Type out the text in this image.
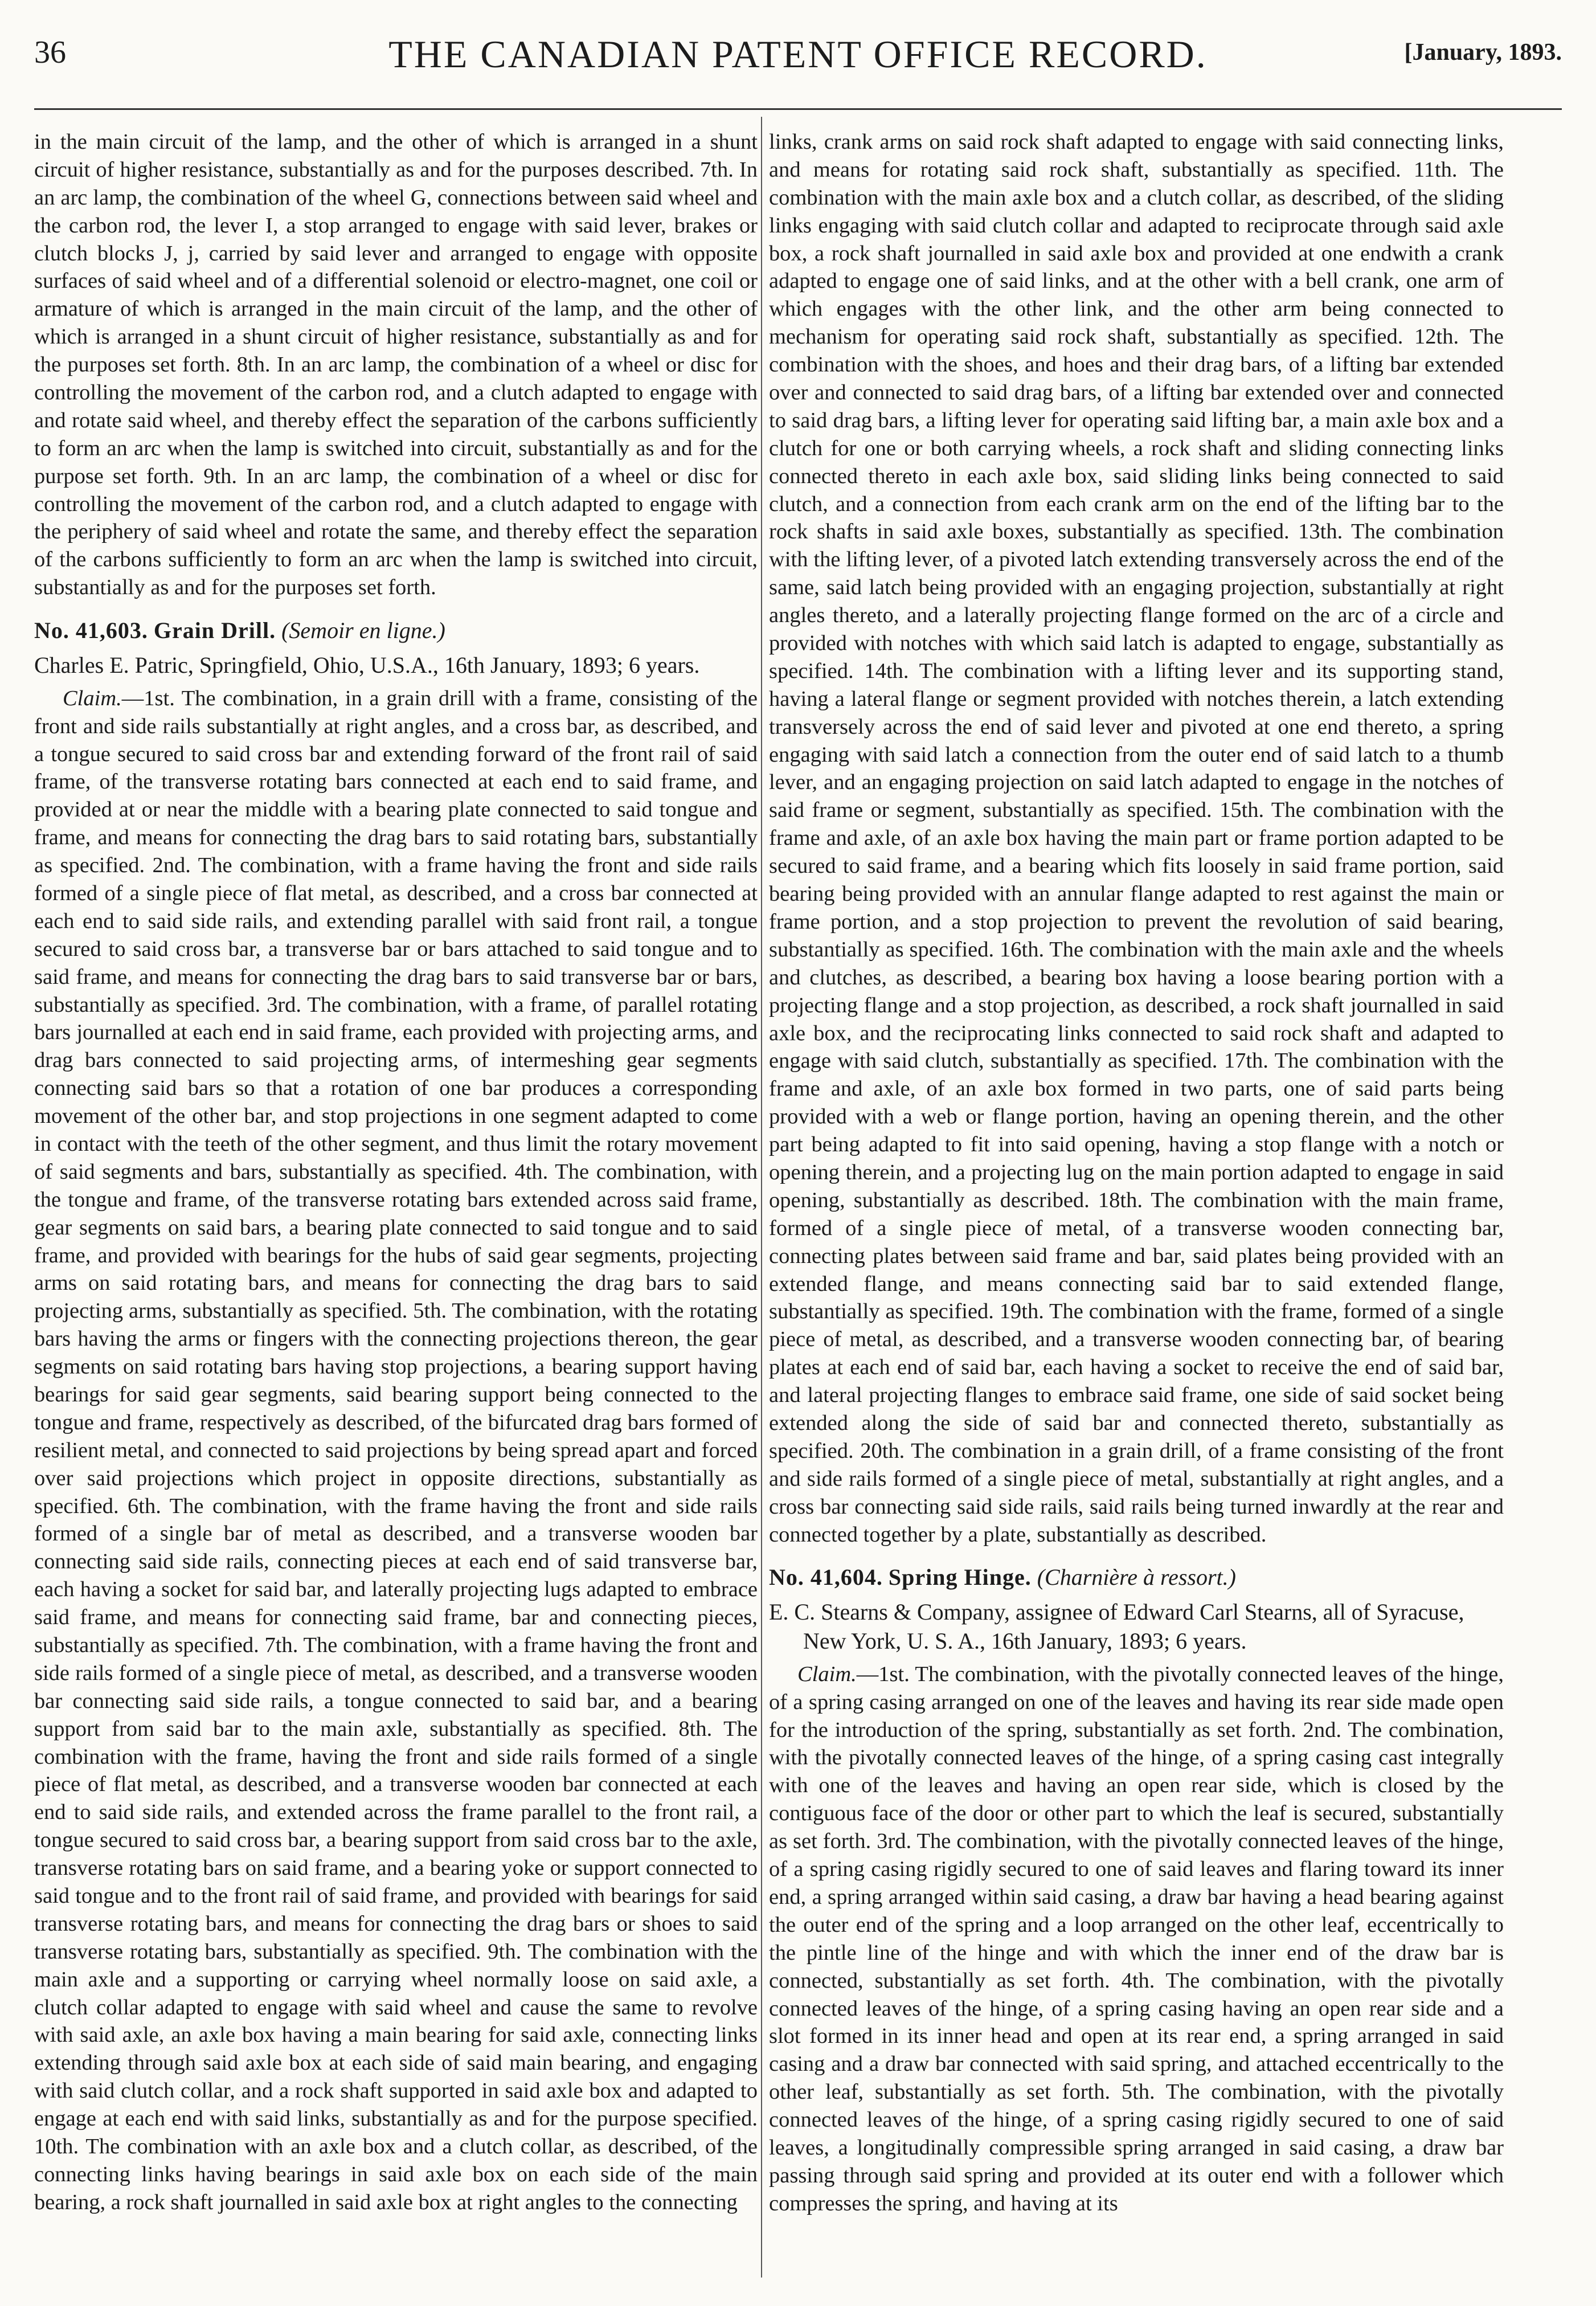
36	THE CANADIAN PATENT OFFICE RECORD.	[January, 1893.

in the main circuit of the lamp, and the other of which is arranged in a shunt circuit of higher resistance, substantially as and for the purposes described. 7th. In an arc lamp, the combination of the wheel G, connections between said wheel and the carbon rod, the lever I, a stop arranged to engage with said lever, brakes or clutch blocks J, j, carried by said lever and arranged to engage with opposite surfaces of said wheel and of a differential solenoid or electro-magnet, one coil or armature of which is arranged in the main circuit of the lamp, and the other of which is arranged in a shunt circuit of higher resistance, substantially as and for the purposes set forth. 8th. In an arc lamp, the combination of a wheel or disc for controlling the movement of the carbon rod, and a clutch adapted to engage with and rotate said wheel, and thereby effect the separation of the carbons sufficiently to form an arc when the lamp is switched into circuit, substantially as and for the purpose set forth. 9th. In an arc lamp, the combination of a wheel or disc for controlling the movement of the carbon rod, and a clutch adapted to engage with the periphery of said wheel and rotate the same, and thereby effect the separation of the carbons sufficiently to form an arc when the lamp is switched into circuit, substantially as and for the purposes set forth.

No. 41,603. Grain Drill. (Semoir en ligne.)

Charles E. Patric, Springfield, Ohio, U.S.A., 16th January, 1893; 6 years.

Claim.—1st. The combination, in a grain drill with a frame, consisting of the front and side rails substantially at right angles, and a cross bar, as described, and a tongue secured to said cross bar and extending forward of the front rail of said frame, of the transverse rotating bars connected at each end to said frame, and provided at or near the middle with a bearing plate connected to said tongue and frame, and means for connecting the drag bars to said rotating bars, substantially as specified. 2nd. The combination, with a frame having the front and side rails formed of a single piece of flat metal, as described, and a cross bar connected at each end to said side rails, and extending parallel with said front rail, a tongue secured to said cross bar, a transverse bar or bars attached to said tongue and to said frame, and means for connecting the drag bars to said transverse bar or bars, substantially as specified. 3rd. The combination, with a frame, of parallel rotating bars journalled at each end in said frame, each provided with projecting arms, and drag bars connected to said projecting arms, of intermeshing gear segments connecting said bars so that a rotation of one bar produces a corresponding movement of the other bar, and stop projections in one segment adapted to come in contact with the teeth of the other segment, and thus limit the rotary movement of said segments and bars, substantially as specified. 4th. The combination, with the tongue and frame, of the transverse rotating bars extended across said frame, gear segments on said bars, a bearing plate connected to said tongue and to said frame, and provided with bearings for the hubs of said gear segments, projecting arms on said rotating bars, and means for connecting the drag bars to said projecting arms, substantially as specified. 5th. The combination, with the rotating bars having the arms or fingers with the connecting projections thereon, the gear segments on said rotating bars having stop projections, a bearing support having bearings for said gear segments, said bearing support being connected to the tongue and frame, respectively as described, of the bifurcated drag bars formed of resilient metal, and connected to said projections by being spread apart and forced over said projections which project in opposite directions, substantially as specified. 6th. The combination, with the frame having the front and side rails formed of a single bar of metal as described, and a transverse wooden bar connecting said side rails, connecting pieces at each end of said transverse bar, each having a socket for said bar, and laterally projecting lugs adapted to embrace said frame, and means for connecting said frame, bar and connecting pieces, substantially as specified. 7th. The combination, with a frame having the front and side rails formed of a single piece of metal, as described, and a transverse wooden bar connecting said side rails, a tongue connected to said bar, and a bearing support from said bar to the main axle, substantially as specified. 8th. The combination with the frame, having the front and side rails formed of a single piece of flat metal, as described, and a transverse wooden bar connected at each end to said side rails, and extended across the frame parallel to the front rail, a tongue secured to said cross bar, a bearing support from said cross bar to the axle, transverse rotating bars on said frame, and a bearing yoke or support connected to said tongue and to the front rail of said frame, and provided with bearings for said transverse rotating bars, and means for connecting the drag bars or shoes to said transverse rotating bars, substantially as specified. 9th. The combination with the main axle and a supporting or carrying wheel normally loose on said axle, a clutch collar adapted to engage with said wheel and cause the same to revolve with said axle, an axle box having a main bearing for said axle, connecting links extending through said axle box at each side of said main bearing, and engaging with said clutch collar, and a rock shaft supported in said axle box and adapted to engage at each end with said links, substantially as and for the purpose specified. 10th. The combination with an axle box and a clutch collar, as described, of the connecting links having bearings in said axle box on each side of the main bearing, a rock shaft journalled in said axle box at right angles to the connecting

links, crank arms on said rock shaft adapted to engage with said connecting links, and means for rotating said rock shaft, substantially as specified. 11th. The combination with the main axle box and a clutch collar, as described, of the sliding links engaging with said clutch collar and adapted to reciprocate through said axle box, a rock shaft journalled in said axle box and provided at one endwith a crank adapted to engage one of said links, and at the other with a bell crank, one arm of which engages with the other link, and the other arm being connected to mechanism for operating said rock shaft, substantially as specified. 12th. The combination with the shoes, and hoes and their drag bars, of a lifting bar extended over and connected to said drag bars, of a lifting bar extended over and connected to said drag bars, a lifting lever for operating said lifting bar, a main axle box and a clutch for one or both carrying wheels, a rock shaft and sliding connecting links connected thereto in each axle box, said sliding links being connected to said clutch, and a connection from each crank arm on the end of the lifting bar to the rock shafts in said axle boxes, substantially as specified. 13th. The combination with the lifting lever, of a pivoted latch extending transversely across the end of the same, said latch being provided with an engaging projection, substantially at right angles thereto, and a laterally projecting flange formed on the arc of a circle and provided with notches with which said latch is adapted to engage, substantially as specified. 14th. The combination with a lifting lever and its supporting stand, having a lateral flange or segment provided with notches therein, a latch extending transversely across the end of said lever and pivoted at one end thereto, a spring engaging with said latch a connection from the outer end of said latch to a thumb lever, and an engaging projection on said latch adapted to engage in the notches of said frame or segment, substantially as specified. 15th. The combination with the frame and axle, of an axle box having the main part or frame portion adapted to be secured to said frame, and a bearing which fits loosely in said frame portion, said bearing being provided with an annular flange adapted to rest against the main or frame portion, and a stop projection to prevent the revolution of said bearing, substantially as specified. 16th. The combination with the main axle and the wheels and clutches, as described, a bearing box having a loose bearing portion with a projecting flange and a stop projection, as described, a rock shaft journalled in said axle box, and the reciprocating links connected to said rock shaft and adapted to engage with said clutch, substantially as specified. 17th. The combination with the frame and axle, of an axle box formed in two parts, one of said parts being provided with a web or flange portion, having an opening therein, and the other part being adapted to fit into said opening, having a stop flange with a notch or opening therein, and a projecting lug on the main portion adapted to engage in said opening, substantially as described. 18th. The combination with the main frame, formed of a single piece of metal, of a transverse wooden connecting bar, connecting plates between said frame and bar, said plates being provided with an extended flange, and means connecting said bar to said extended flange, substantially as specified. 19th. The combination with the frame, formed of a single piece of metal, as described, and a transverse wooden connecting bar, of bearing plates at each end of said bar, each having a socket to receive the end of said bar, and lateral projecting flanges to embrace said frame, one side of said socket being extended along the side of said bar and connected thereto, substantially as specified. 20th. The combination in a grain drill, of a frame consisting of the front and side rails formed of a single piece of metal, substantially at right angles, and a cross bar connecting said side rails, said rails being turned inwardly at the rear and connected together by a plate, substantially as described.

No. 41,604. Spring Hinge. (Charnière à ressort.)

E. C. Stearns & Company, assignee of Edward Carl Stearns, all of Syracuse, New York, U. S. A., 16th January, 1893; 6 years.

Claim.—1st. The combination, with the pivotally connected leaves of the hinge, of a spring casing arranged on one of the leaves and having its rear side made open for the introduction of the spring, substantially as set forth. 2nd. The combination, with the pivotally connected leaves of the hinge, of a spring casing cast integrally with one of the leaves and having an open rear side, which is closed by the contiguous face of the door or other part to which the leaf is secured, substantially as set forth. 3rd. The combination, with the pivotally connected leaves of the hinge, of a spring casing rigidly secured to one of said leaves and flaring toward its inner end, a spring arranged within said casing, a draw bar having a head bearing against the outer end of the spring and a loop arranged on the other leaf, eccentrically to the pintle line of the hinge and with which the inner end of the draw bar is connected, substantially as set forth. 4th. The combination, with the pivotally connected leaves of the hinge, of a spring casing having an open rear side and a slot formed in its inner head and open at its rear end, a spring arranged in said casing and a draw bar connected with said spring, and attached eccentrically to the other leaf, substantially as set forth. 5th. The combination, with the pivotally connected leaves of the hinge, of a spring casing rigidly secured to one of said leaves, a longitudinally compressible spring arranged in said casing, a draw bar passing through said spring and provided at its outer end with a follower which compresses the spring, and having at its
